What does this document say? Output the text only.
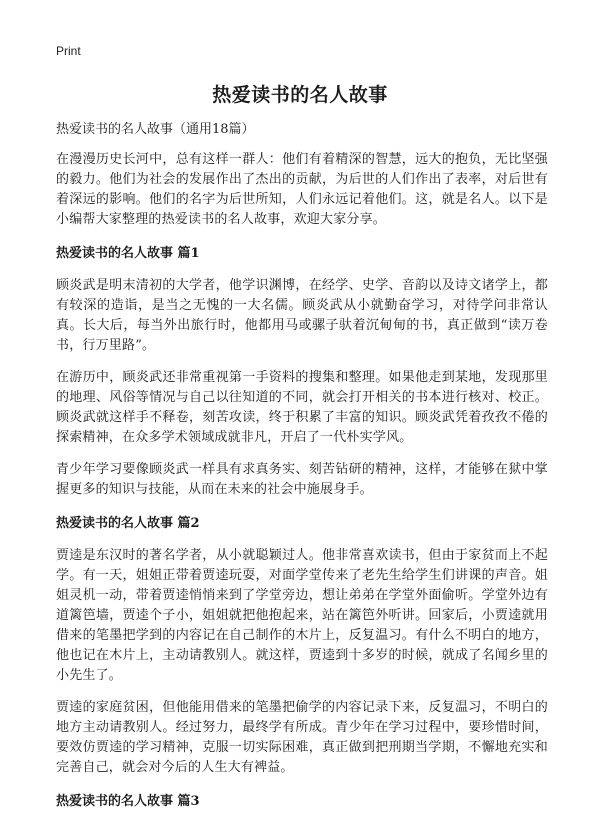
Print
热爱读书的名人故事

热爱读书的名人故事（通用18篇）

在漫漫历史长河中，总有这样一群人：他们有着精深的智慧，远大的抱负，无比坚强的毅力。他们为社会的发展作出了杰出的贡献，为后世的人们作出了表率，对后世有着深远的影响。他们的名字为后世所知，人们永远记着他们。这，就是名人。以下是小编帮大家整理的热爱读书的名人故事，欢迎大家分享。

热爱读书的名人故事 篇1

顾炎武是明末清初的大学者，他学识渊博，在经学、史学、音韵以及诗文诸学上，都有较深的造诣，是当之无愧的一大名儒。顾炎武从小就勤奋学习，对待学问非常认真。长大后，每当外出旅行时，他都用马或骡子驮着沉甸甸的书，真正做到“读万卷书，行万里路”。

在游历中，顾炎武还非常重视第一手资料的搜集和整理。如果他走到某地，发现那里的地理、风俗等情况与自己以往知道的不同，就会打开相关的书本进行核对、校正。顾炎武就这样手不释卷，刻苦攻读，终于积累了丰富的知识。顾炎武凭着孜孜不倦的探索精神，在众多学术领域成就非凡，开启了一代朴实学风。

青少年学习要像顾炎武一样具有求真务实、刻苦钻研的精神，这样，才能够在狱中掌握更多的知识与技能，从而在未来的社会中施展身手。

热爱读书的名人故事 篇2

贾逵是东汉时的著名学者，从小就聪颖过人。他非常喜欢读书，但由于家贫而上不起学。有一天，姐姐正带着贾逵玩耍，对面学堂传来了老先生给学生们讲课的声音。姐姐灵机一动，带着贾逵悄悄来到了学堂旁边，想让弟弟在学堂外面偷听。学堂外边有道篱笆墙，贾逵个子小，姐姐就把他抱起来，站在篱笆外听讲。回家后，小贾逵就用借来的笔墨把学到的内容记在自己制作的木片上，反复温习。有什么不明白的地方，他也记在木片上，主动请教别人。就这样，贾逵到十多岁的时候，就成了名闻乡里的小先生了。

贾逵的家庭贫困，但他能用借来的笔墨把偷学的内容记录下来，反复温习，不明白的地方主动请教别人。经过努力，最终学有所成。青少年在学习过程中，要珍惜时间，要效仿贾逵的学习精神，克服一切实际困难，真正做到把刑期当学期，不懈地充实和完善自己，就会对今后的人生大有裨益。

热爱读书的名人故事 篇3
